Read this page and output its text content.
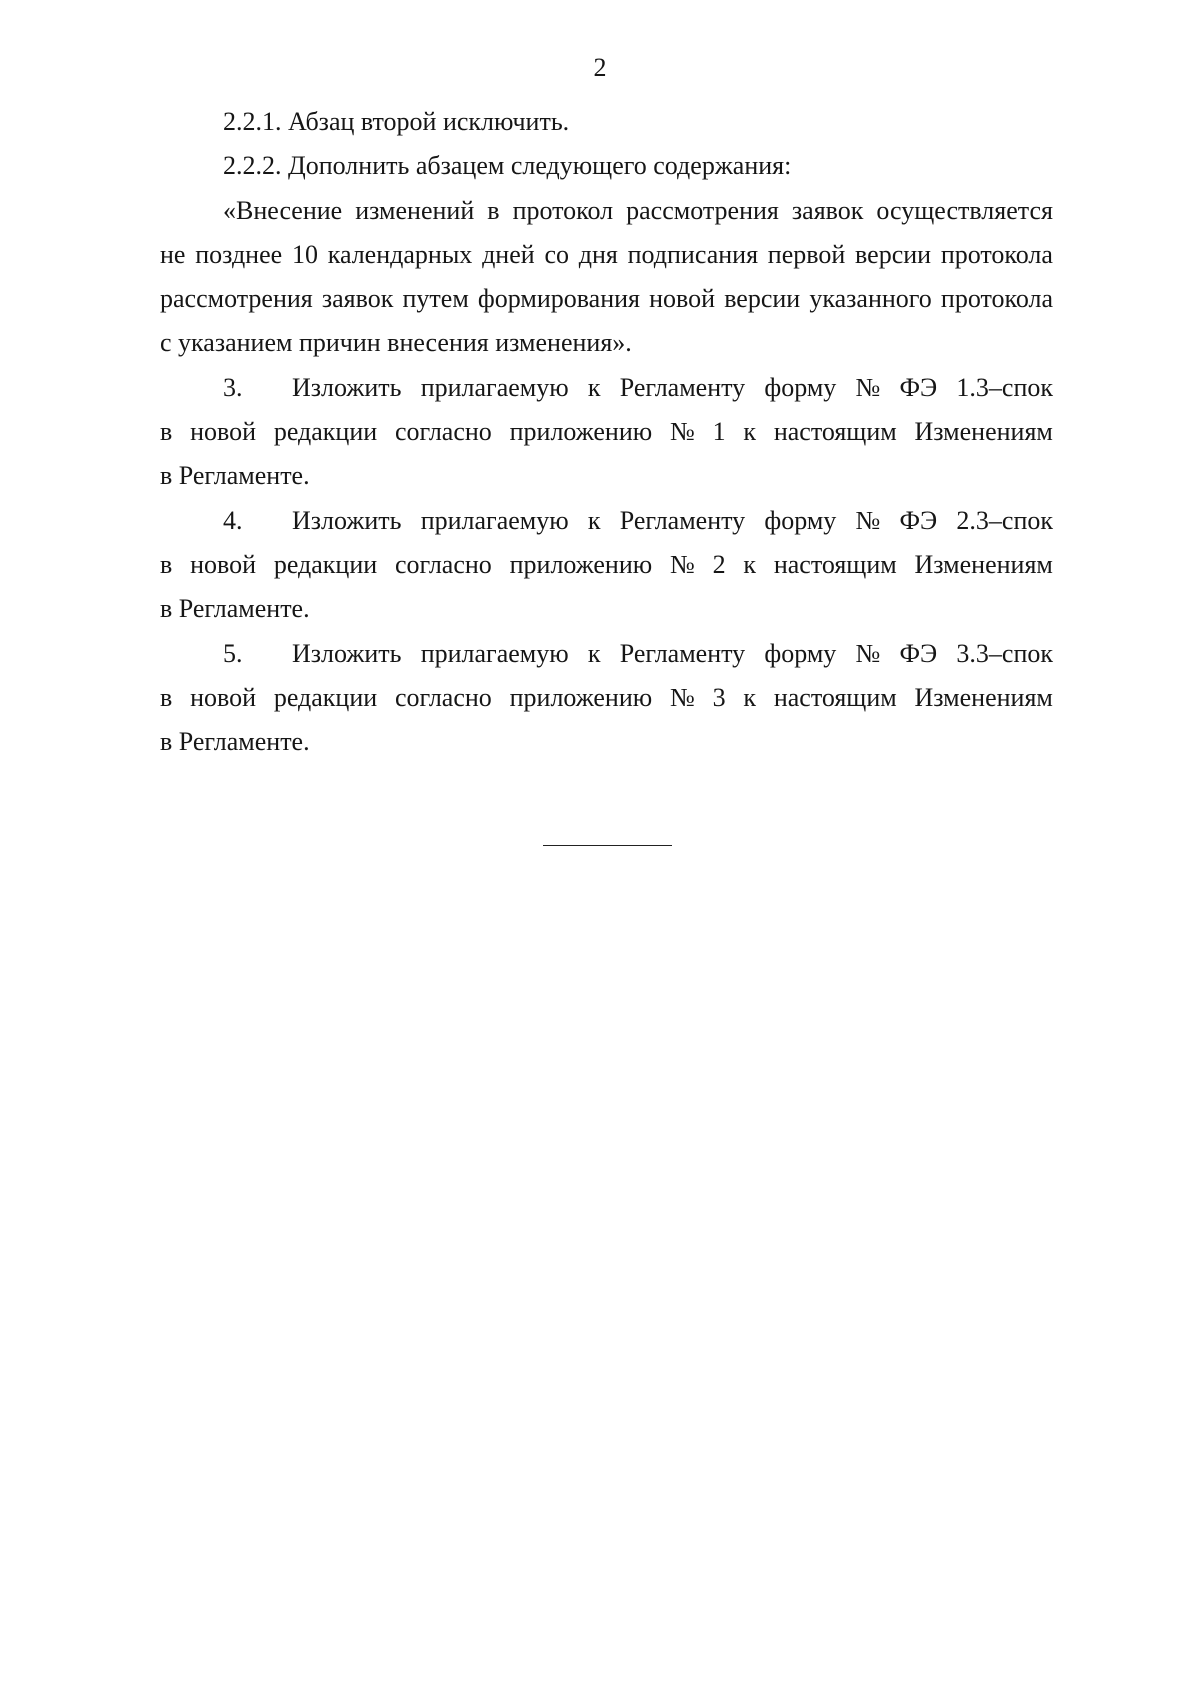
2
2.2.1. Абзац второй исключить.
2.2.2. Дополнить абзацем следующего содержания:
«Внесение изменений в протокол рассмотрения заявок осуществляется
не позднее 10 календарных дней со дня подписания первой версии протокола
рассмотрения заявок путем формирования новой версии указанного протокола
с указанием причин внесения изменения».
3.	Изложить прилагаемую к Регламенту форму № ФЭ 1.3–спок
в новой редакции согласно приложению № 1 к настоящим Изменениям
в Регламенте.
4.	Изложить прилагаемую к Регламенту форму № ФЭ 2.3–спок
в новой редакции согласно приложению № 2 к настоящим Изменениям
в Регламенте.
5.	Изложить прилагаемую к Регламенту форму № ФЭ 3.3–спок
в новой редакции согласно приложению № 3 к настоящим Изменениям
в Регламенте.
